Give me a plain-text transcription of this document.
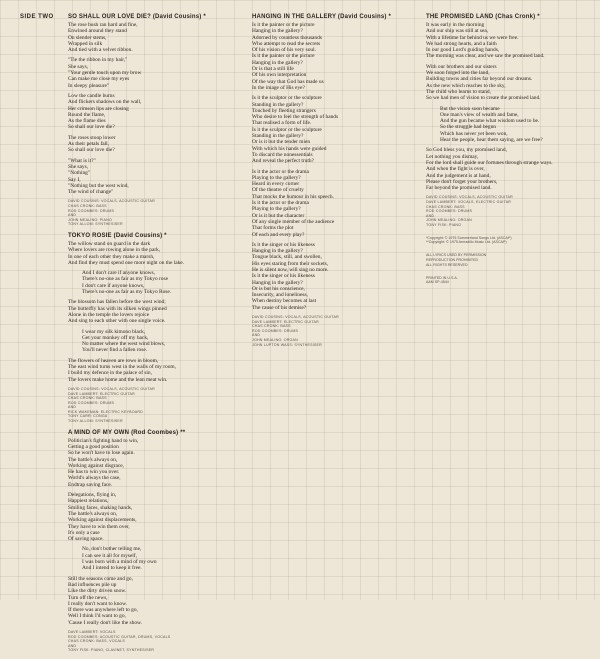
SIDE TWO SO SHALL OUR LOVE DIE? (David Cousins) *
The rose bush ran hard and fine,
Enwined around they stand
On slender stems,
Wrapped in silk
And tied with a velvet ribbon.
"Tie the ribbon in my hair,"
She says,
"Your gentle touch upon my brow
Can make me close my eyes
In sleepy pleasure"
Low the candle burns
And flickers shadows on the wall,
Her crimson lips are closing
Round the flame,
As the flame dies
So shall our love die?
The roses stoop lower
As their petals fall,
So shall our love die?
"What is it?"
She says,
"Nothing"
Say I,
"Nothing but the west wind,
The wind of change"
DAVID COUSINS: VOCALS, ACOUSTIC GUITAR
CHAS CRONK: BASS
ROD COOMBES: DRUMS
AND
JOHN MEALING: PIANO
TONY ALLOM: SYNTHESISER
TOKYO ROSIE (David Cousins) *
The willow stand on guard in the dark
Where lovers are rowing alone in the park,
In one of each other they make a marsh,
And find they must spend one more night on the lake.
And I don't care if anyone knows,
There's no-one as fair as my Tokyo rose
I don't care if anyone knows,
There's no-one as fair as my Tokyo Rose.
The blossom has fallen before the west wind;
The butterfly has with its silken wings pinned
Alone in the temple the lovers rejoice
And sing to each other with one single voice.
I wear my silk kimono black,
Get your monkey off my back,
No matter where the west wind blows,
You'll never find a fallen rose.
The flowers of heaven are rows in bloom,
The east wind turns west in the walls of my room,
I build my defence in the palace of sin,
The lovers make home and the lean meat win.
DAVID COUSINS: VOCALS, ACOUSTIC GUITAR
DAVE LAMBERT: ELECTRIC GUITAR
CHAS CRONK: BASS
ROD COOMBES: DRUMS
AND
RICK WAKEMAN: ELECTRIC KEYBOARD
TONY CARR: CONGA
TONY ALLOM: SYNTHESISER
A MIND OF MY OWN (Rod Coombes) **
Politician's fighting hand to win,
Getting a good position
So he won't have to lose again.
The battle's always on,
Working against disgrace,
He has to win you over.
World's always the case,
Endtrap saving face.
Delegations, flying in,
Happiest relations,
Smiling faces, shaking hands,
The battle's always on,
Working against displacements,
They have to win them over,
It's only a case
Of saving space.
No, don't bother telling me,
I can see it all for myself,
I was born with a mind of my own
And I intend to keep it free.
Still the seasons come and go,
Bad influences pile up
Like the dirty driven snow.
Turn off the news,
I really don't want to know.
If there was anywhere left to go,
Well I think I'd want to go,
'Cause I really don't like the show.
DAVE LAMBERT: VOCALS
ROD COOMBES: ACOUSTIC GUITAR, DRUMS, VOCALS
CHAS CRONK: BASS, VOCALS
AND
TONY FISK: PIANO, CLAVINET, SYNTHESISER
HANGING IN THE GALLERY (David Cousins) *
Is it the painter or the picture
Hanging in the gallery?
Adorned by countless thousands
Who attempt to read the secrets
Of his vision of his very soul.
Is it the painter or the picture
Hanging in the gallery?
Or is that a still life
Of his own interpretation
Of the way that God has made us
In the image of His eye?
Is it the sculptor or the sculpture
Standing in the gallery?
Touched by fleeting strangers
Who desire to feel the strength of hands
That realised a form of life.
Is it the sculptor or the sculpture
Standing in the gallery?
Or is it but the tender mien
With which his hands were guided
To discard the nonessentials
And reveal the perfect truth?
Is it the actor or the drama
Playing to the gallery?
Heard in every corner
Of the theatre of cruelty
That mocks the humour in his speech.
Is it the actor or the drama
Playing to the gallery?
Or is it but the character
Of any single member of the audience
That forms the plot
Of each and every play?
Is it the singer or his likeness
Hanging in the gallery?
Tongue black, still, and swollen,
His eyes staring from their sockets,
He is silent now, will sing no more.
Is it the singer or his likeness
Hanging in the gallery?
Or is but his conscience,
Insecurity, and loneliness,
When destiny becomes at last
The cause of his demise?
DAVID COUSINS: VOCALS, ACOUSTIC GUITAR
DAVE LAMBERT: ELECTRIC GUITAR
CHAS CRONK: BASS
ROD COOMBES: DRUMS
AND
JOHN MEALING: ORGAN
JOHN LUPTON WASS: SYNTHESISER
THE PROMISED LAND (Chas Cronk) *
It was early in the morning
And our ship was still at sea,
With a lifetime far behind us we were free.
We had strong hearts, and a faith
In our good Lord's guiding hands,
The morning was clear, and we saw the promised land.
With our brothers and our sisters
We soon forged into the land,
Building towns and cities far beyond our dreams.
As the new which reaches to the sky,
The child who learns to stand,
So we had men of vision to create the promised land.
But the vision soon became
One man's view of wealth and fame,
And the gun became what wisdom used to be.
So the struggle had begun
Which has never yet been won,
Hear the people, hear them saying, are we free?
So God bless you, my promised land,
Let nothing you dismay,
For the lord shall guide our fortunes through strange ways.
And when the fight is over,
And the judgement is at hand,
Please don't forget your brothers,
Far beyond the promised land.
DAVID COUSINS: VOCALS, ACOUSTIC GUITAR
DAVE LAMBERT: VOCALS, ELECTRIC GUITAR
CHAS CRONK: BASS
ROD COOMBES: DRUMS
AND
JOHN MEALING: ORGAN
TONY FISK: PIANO
*Copyright: © 1975 Summerland Songs Ltd. (ASCAP)
**Copyright: © 1975 Armadillo Music Ltd. (ASCAP)
ALL LYRICS USED BY PERMISSION
REPRODUCTION PROHIBITED
ALL RIGHTS RESERVED
PRINTED IN U.S.A.
A&M SP-4544
